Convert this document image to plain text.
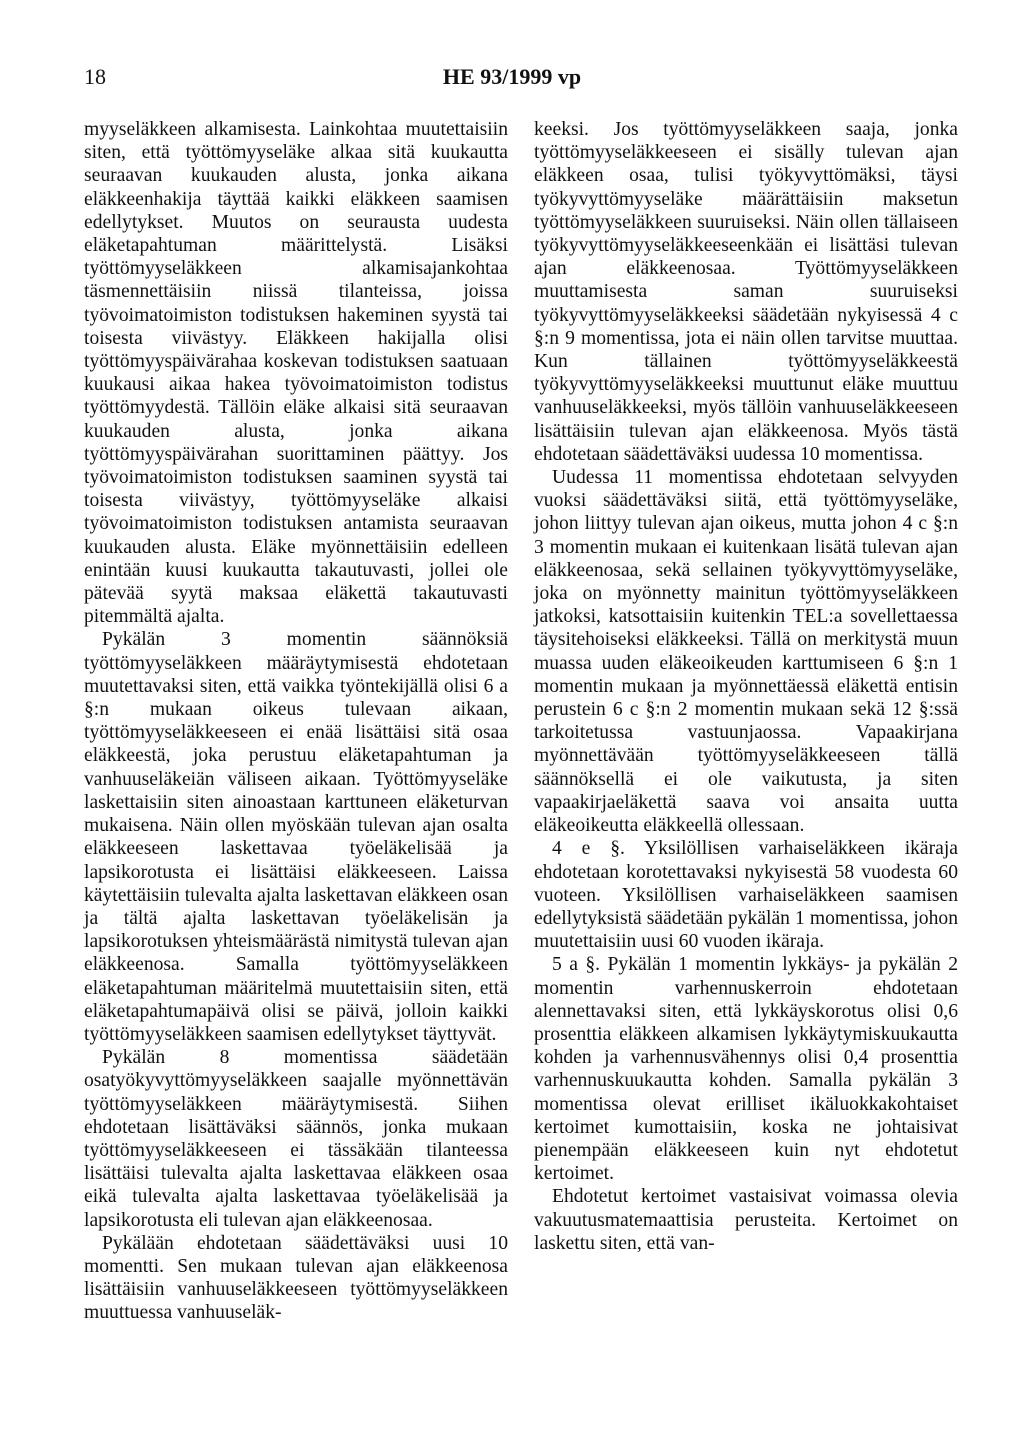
18	HE 93/1999 vp

myyseläkkeen alkamisesta. Lainkohtaa muutettaisiin siten, että työttömyyseläke alkaa sitä kuukautta seuraavan kuukauden alusta, jonka aikana eläkkeenhakija täyttää kaikki eläkkeen saamisen edellytykset. Muutos on seurausta uudesta eläketapahtuman määrittelystä. Lisäksi työttömyyseläkkeen alkamisajankohtaa täsmennettäisiin niissä tilanteissa, joissa työvoimatoimiston todistuksen hakeminen syystä tai toisesta viivästyy. Eläkkeen hakijalla olisi työttömyyspäivärahaa koskevan todistuksen saatuaan kuukausi aikaa hakea työvoimatoimiston todistus työttömyydestä. Tällöin eläke alkaisi sitä seuraavan kuukauden alusta, jonka aikana työttömyyspäivärahan suorittaminen päättyy. Jos työvoimatoimiston todistuksen saaminen syystä tai toisesta viivästyy, työttömyyseläke alkaisi työvoimatoimiston todistuksen antamista seuraavan kuukauden alusta. Eläke myönnettäisiin edelleen enintään kuusi kuukautta takautuvasti, jollei ole pätevää syytä maksaa eläkettä takautuvasti pitemmältä ajalta.

Pykälän 3 momentin säännöksiä työttömyyseläkkeen määräytymisestä ehdotetaan muutettavaksi siten, että vaikka työntekijällä olisi 6 a §:n mukaan oikeus tulevaan aikaan, työttömyyseläkkeeseen ei enää lisättäisi sitä osaa eläkkeestä, joka perustuu eläketapahtuman ja vanhuuseläkeiän väliseen aikaan. Työttömyyseläke laskettaisiin siten ainoastaan karttuneen eläketurvan mukaisena. Näin ollen myöskään tulevan ajan osalta eläkkeeseen laskettavaa työeläkelisää ja lapsikorotusta ei lisättäisi eläkkeeseen. Laissa käytettäisiin tulevalta ajalta laskettavan eläkkeen osan ja tältä ajalta laskettavan työeläkelisän ja lapsikorotuksen yhteismäärästä nimitystä tulevan ajan eläkkeenosa. Samalla työttömyyseläkkeen eläketapahtuman määritelmä muutettaisiin siten, että eläketapahtumapäivä olisi se päivä, jolloin kaikki työttömyyseläkkeen saamisen edellytykset täyttyvät.

Pykälän 8 momentissa säädetään osatyökyvyttömyyseläkkeen saajalle myönnettävän työttömyyseläkkeen määräytymisestä. Siihen ehdotetaan lisättäväksi säännös, jonka mukaan työttömyyseläkkeeseen ei tässäkään tilanteessa lisättäisi tulevalta ajalta laskettavaa eläkkeen osaa eikä tulevalta ajalta laskettavaa työeläkelisää ja lapsikorotusta eli tulevan ajan eläkkeenosaa.

Pykälään ehdotetaan säädettäväksi uusi 10 momentti. Sen mukaan tulevan ajan eläkkeenosa lisättäisiin vanhuuseläkkeeseen työttömyyseläkkeen muuttuessa vanhuuseläk-

keeksi. Jos työttömyyseläkkeen saaja, jonka työttömyyseläkkeeseen ei sisälly tulevan ajan eläkkeen osaa, tulisi työkyvyttömäksi, täysi työkyvyttömyyseläke määrättäisiin maksetun työttömyyseläkkeen suuruiseksi. Näin ollen tällaiseen työkyvyttömyyseläkkeeseenkään ei lisättäsi tulevan ajan eläkkeenosaa. Työttömyyseläkkeen muuttamisesta saman suuruiseksi työkyvyttömyyseläkkeeksi säädetään nykyisessä 4 c §:n 9 momentissa, jota ei näin ollen tarvitse muuttaa. Kun tällainen työttömyyseläkkeestä työkyvyttömyyseläkkeeksi muuttunut eläke muuttuu vanhuuseläkkeeksi, myös tällöin vanhuuseläkkeeseen lisättäisiin tulevan ajan eläkkeenosa. Myös tästä ehdotetaan säädettäväksi uudessa 10 momentissa.

Uudessa 11 momentissa ehdotetaan selvyyden vuoksi säädettäväksi siitä, että työttömyyseläke, johon liittyy tulevan ajan oikeus, mutta johon 4 c §:n 3 momentin mukaan ei kuitenkaan lisätä tulevan ajan eläkkeenosaa, sekä sellainen työkyvyttömyyseläke, joka on myönnetty mainitun työttömyyseläkkeen jatkoksi, katsottaisiin kuitenkin TEL:a sovellettaessa täysitehoiseksi eläkkeeksi. Tällä on merkitystä muun muassa uuden eläkeoikeuden karttumiseen 6 §:n 1 momentin mukaan ja myönnettäessä eläkettä entisin perustein 6 c §:n 2 momentin mukaan sekä 12 §:ssä tarkoitetussa vastuunjaossa. Vapaakirjana myönnettävään työttömyyseläkkeeseen tällä säännöksellä ei ole vaikutusta, ja siten vapaakirjaeläkettä saava voi ansaita uutta eläkeoikeutta eläkkeellä ollessaan.

4 e §. Yksilöllisen varhaiseläkkeen ikäraja ehdotetaan korotettavaksi nykyisestä 58 vuodesta 60 vuoteen. Yksilöllisen varhaiseläkkeen saamisen edellytyksistä säädetään pykälän 1 momentissa, johon muutettaisiin uusi 60 vuoden ikäraja.

5 a §. Pykälän 1 momentin lykkäys- ja pykälän 2 momentin varhennuskerroin ehdotetaan alennettavaksi siten, että lykkäyskorotus olisi 0,6 prosenttia eläkkeen alkamisen lykkäytymiskuukautta kohden ja varhennusvähennys olisi 0,4 prosenttia varhennuskuukautta kohden. Samalla pykälän 3 momentissa olevat erilliset ikäluokkakohtaiset kertoimet kumottaisiin, koska ne johtaisivat pienempään eläkkeeseen kuin nyt ehdotetut kertoimet.

Ehdotetut kertoimet vastaisivat voimassa olevia vakuutusmatemaattisia perusteita. Kertoimet on laskettu siten, että van-
